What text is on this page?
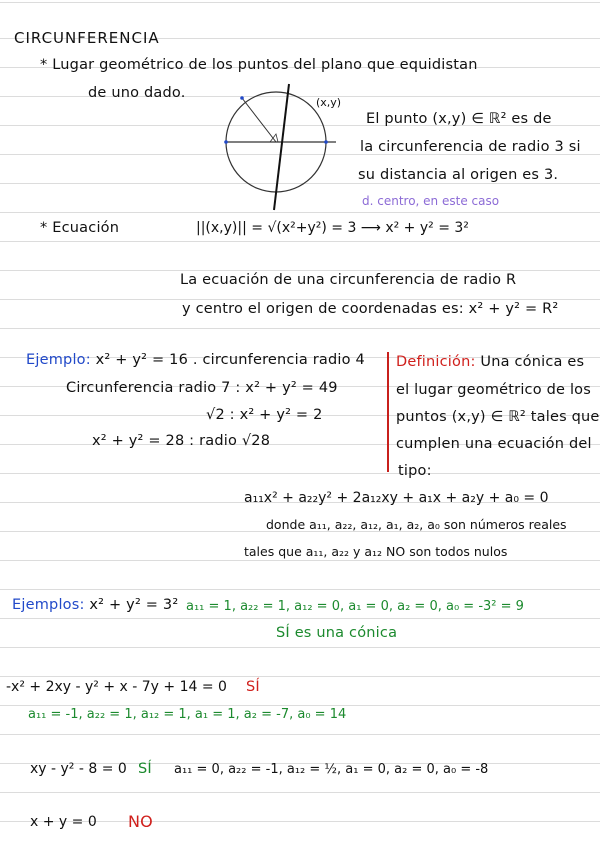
CIRCUNFERENCIA
* Lugar geométrico de los puntos del plano que equidistan
de uno dado.
(x,y)
El punto (x,y) ∈ ℝ² es de
la circunferencia de radio 3 si
su distancia al origen es 3.
d. centro, en este caso
* Ecuación	||(x,y)|| = √(x²+y²) = 3 ⟶ x² + y² = 3²
La ecuación de una circunferencia de radio R
y centro el origen de coordenadas es: x² + y² = R²
Ejemplo: x² + y² = 16 . circunferencia radio 4
Circunferencia radio 7 : x² + y² = 49
√2 : x² + y² = 2
x² + y² = 28 : radio √28
Definición: Una cónica es
el lugar geométrico de los
puntos (x,y) ∈ ℝ² tales que
cumplen una ecuación del
tipo:
a₁₁x² + a₂₂y² + 2a₁₂xy + a₁x + a₂y + a₀ = 0
donde a₁₁, a₂₂, a₁₂, a₁, a₂, a₀ son números reales
tales que a₁₁, a₂₂ y a₁₂ NO son todos nulos
Ejemplos: x² + y² = 3² a₁₁ = 1, a₂₂ = 1, a₁₂ = 0, a₁ = 0, a₂ = 0, a₀ = -3² = 9
SÍ es una cónica
-x² + 2xy - y² + x - 7y + 14 = 0 SÍ
a₁₁ = -1, a₂₂ = 1, a₁₂ = 1, a₁ = 1, a₂ = -7, a₀ = 14
xy - y² - 8 = 0 SÍ a₁₁ = 0, a₂₂ = -1, a₁₂ = ½, a₁ = 0, a₂ = 0, a₀ = -8
x + y = 0 NO
